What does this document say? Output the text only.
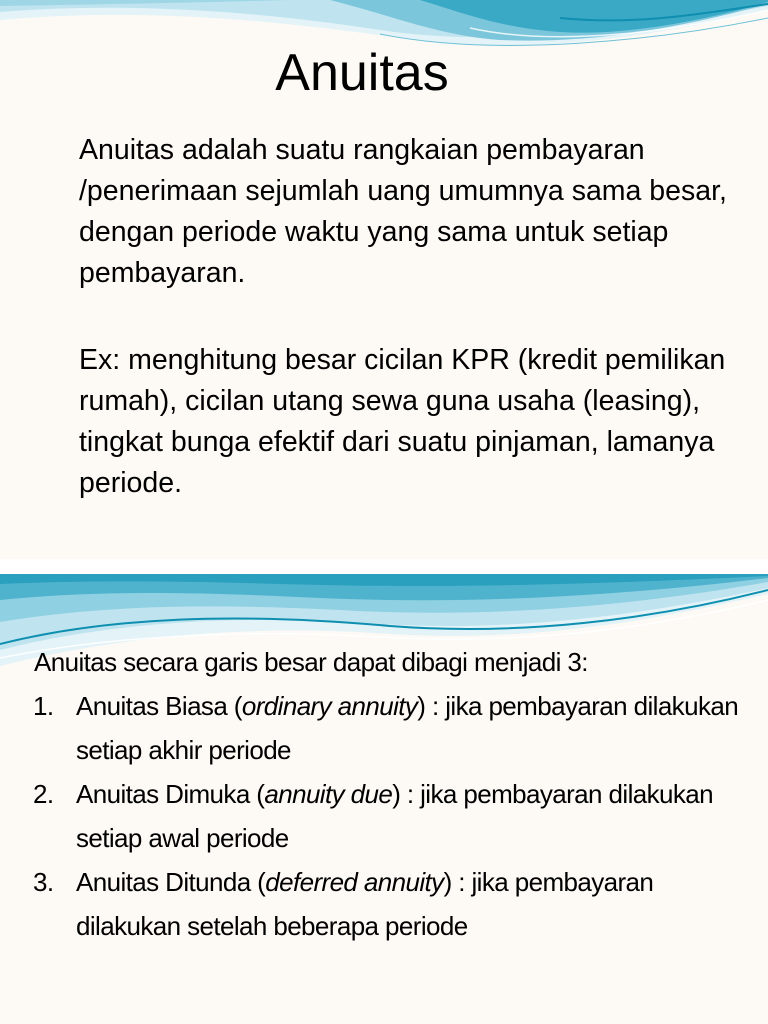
Anuitas

Anuitas adalah suatu rangkaian pembayaran /penerimaan sejumlah uang umumnya sama besar, dengan periode waktu yang sama untuk setiap pembayaran.

Ex: menghitung besar cicilan KPR (kredit pemilikan rumah), cicilan utang sewa guna usaha (leasing), tingkat bunga efektif dari suatu pinjaman, lamanya periode.

Anuitas secara garis besar dapat dibagi menjadi 3:

1. Anuitas Biasa (ordinary annuity) : jika pembayaran dilakukan setiap akhir periode
2. Anuitas Dimuka (annuity due) : jika pembayaran dilakukan setiap awal periode
3. Anuitas Ditunda (deferred annuity) : jika pembayaran dilakukan setelah beberapa periode
